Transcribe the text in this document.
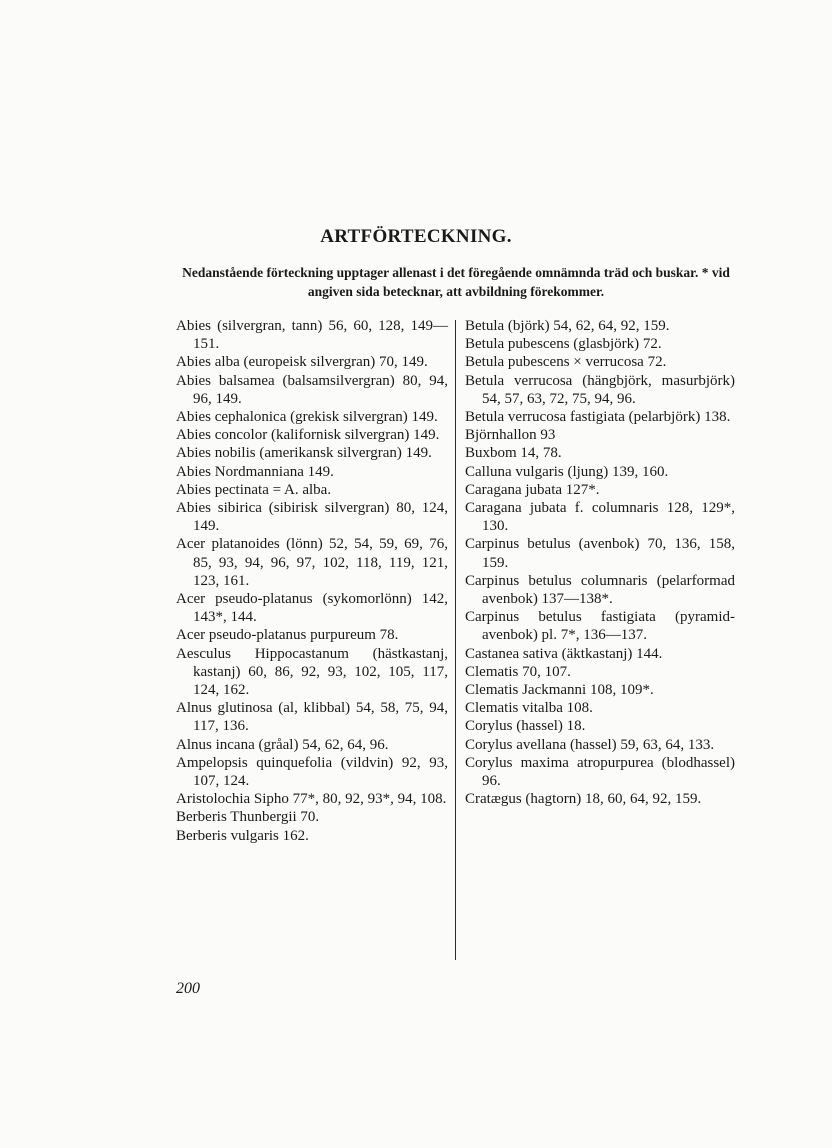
ARTFÖRTECKNING.
Nedanstående förteckning upptager allenast i det föregående omnämnda träd och buskar. * vid angiven sida betecknar, att avbildning förekommer.
Abies (silvergran, tann) 56, 60, 128, 149—151.
Abies alba (europeisk silvergran) 70, 149.
Abies balsamea (balsamsilvergran) 80, 94, 96, 149.
Abies cephalonica (grekisk silvergran) 149.
Abies concolor (kalifornisk silvergran) 149.
Abies nobilis (amerikansk silvergran) 149.
Abies Nordmanniana 149.
Abies pectinata = A. alba.
Abies sibirica (sibirisk silvergran) 80, 124, 149.
Acer platanoides (lönn) 52, 54, 59, 69, 76, 85, 93, 94, 96, 97, 102, 118, 119, 121, 123, 161.
Acer pseudo-platanus (sykomorlönn) 142, 143*, 144.
Acer pseudo-platanus purpureum 78.
Aesculus Hippocastanum (hästkastanj, kastanj) 60, 86, 92, 93, 102, 105, 117, 124, 162.
Alnus glutinosa (al, klibbal) 54, 58, 75, 94, 117, 136.
Alnus incana (gråal) 54, 62, 64, 96.
Ampelopsis quinquefolia (vildvin) 92, 93, 107, 124.
Aristolochia Sipho 77*, 80, 92, 93*, 94, 108.
Berberis Thunbergii 70.
Berberis vulgaris 162.
Betula (björk) 54, 62, 64, 92, 159.
Betula pubescens (glasbjörk) 72.
Betula pubescens × verrucosa 72.
Betula verrucosa (hängbjörk, masurbjörk) 54, 57, 63, 72, 75, 94, 96.
Betula verrucosa fastigiata (pelarbjörk) 138.
Björnhallon 93
Buxbom 14, 78.
Calluna vulgaris (ljung) 139, 160.
Caragana jubata 127*.
Caragana jubata f. columnaris 128, 129*, 130.
Carpinus betulus (avenbok) 70, 136, 158, 159.
Carpinus betulus columnaris (pelarformad avenbok) 137—138*.
Carpinus betulus fastigiata (pyramid-avenbok) pl. 7*, 136—137.
Castanea sativa (äktkastanj) 144.
Clematis 70, 107.
Clematis Jackmanni 108, 109*.
Clematis vitalba 108.
Corylus (hassel) 18.
Corylus avellana (hassel) 59, 63, 64, 133.
Corylus maxima atropurpurea (blodhassel) 96.
Cratægus (hagtorn) 18, 60, 64, 92, 159.
200
